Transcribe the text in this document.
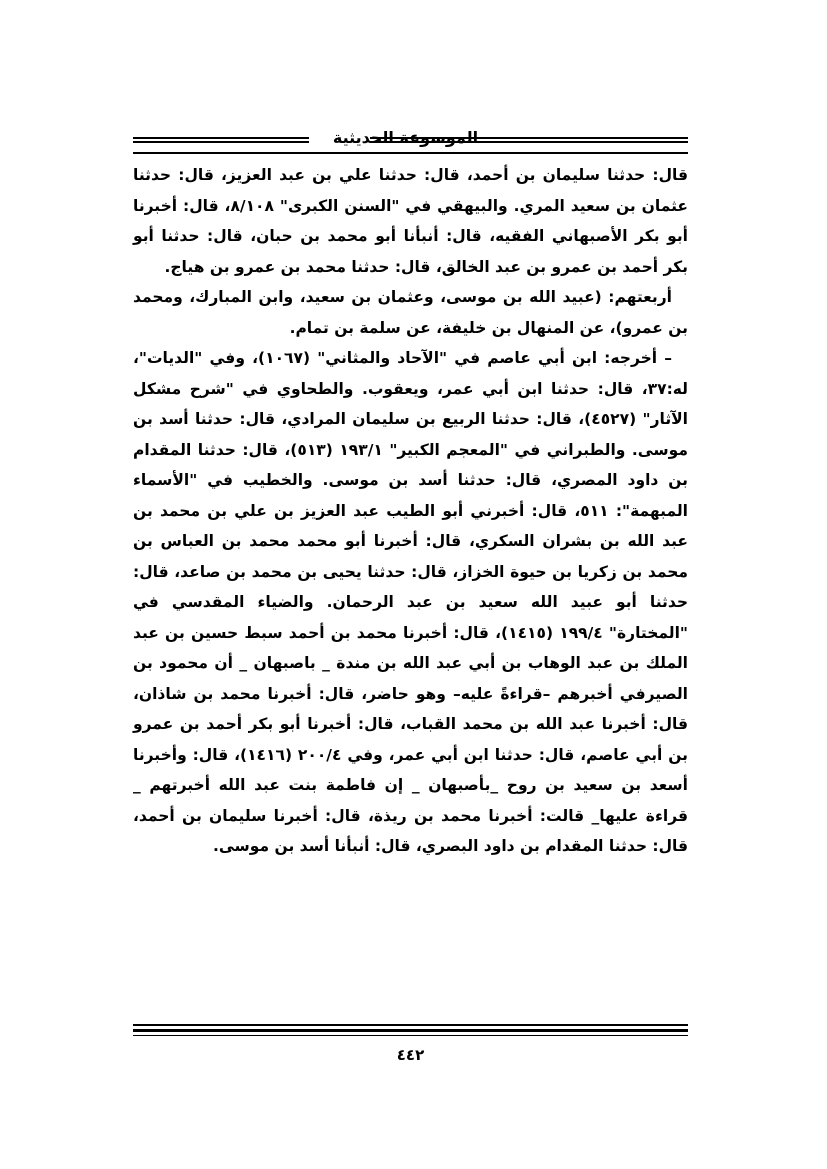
الموسوعة الحديثية

قال: حدثنا سليمان بن أحمد، قال: حدثنا علي بن عبد العزيز، قال: حدثنا عثمان بن سعيد المري. والبيهقي في "السنن الكبرى" ٨/١٠٨، قال: أخبرنا أبو بكر الأصبهاني الفقيه، قال: أنبأنا أبو محمد بن حبان، قال: حدثنا أبو بكر أحمد بن عمرو بن عبد الخالق، قال: حدثنا محمد بن عمرو بن هياج.

أربعتهم: (عبيد الله بن موسى، وعثمان بن سعيد، وابن المبارك، ومحمد بن عمرو)، عن المنهال بن خليفة، عن سلمة بن تمام.

– أخرجه: ابن أبي عاصم في "الآحاد والمثاني" (١٠٦٧)، وفي "الديات"، له:٣٧، قال: حدثنا ابن أبي عمر، ويعقوب. والطحاوي في "شرح مشكل الآثار" (٤٥٢٧)، قال: حدثنا الربيع بن سليمان المرادي، قال: حدثنا أسد بن موسى. والطبراني في "المعجم الكبير" ١٩٣/١ (٥١٣)، قال: حدثنا المقدام بن داود المصري، قال: حدثنا أسد بن موسى. والخطيب في "الأسماء المبهمة": ٥١١، قال: أخبرني أبو الطيب عبد العزيز بن علي بن محمد بن عبد الله بن بشران السكري، قال: أخبرنا أبو محمد محمد بن العباس بن محمد بن زكريا بن حيوة الخزاز، قال: حدثنا يحيى بن محمد بن صاعد، قال: حدثنا أبو عبيد الله سعيد بن عبد الرحمان. والضياء المقدسي في "المختارة" ١٩٩/٤ (١٤١٥)، قال: أخبرنا محمد بن أحمد سبط حسين بن عبد الملك بن عبد الوهاب بن أبي عبد الله بن مندة _ باصبهان _ أن محمود بن الصيرفي أخبرهم –قراءةً عليه– وهو حاضر، قال: أخبرنا محمد بن شاذان، قال: أخبرنا عبد الله بن محمد القباب، قال: أخبرنا أبو بكر أحمد بن عمرو بن أبي عاصم، قال: حدثنا ابن أبي عمر، وفي ٢٠٠/٤ (١٤١٦)، قال: وأخبرنا أسعد بن سعيد بن روح _بأصبهان _ إن فاطمة بنت عبد الله أخبرتهم _ قراءة عليها_ قالت: أخبرنا محمد بن ريذة، قال: أخبرنا سليمان بن أحمد، قال: حدثنا المقدام بن داود البصري، قال: أنبأنا أسد بن موسى.

٤٤٢
